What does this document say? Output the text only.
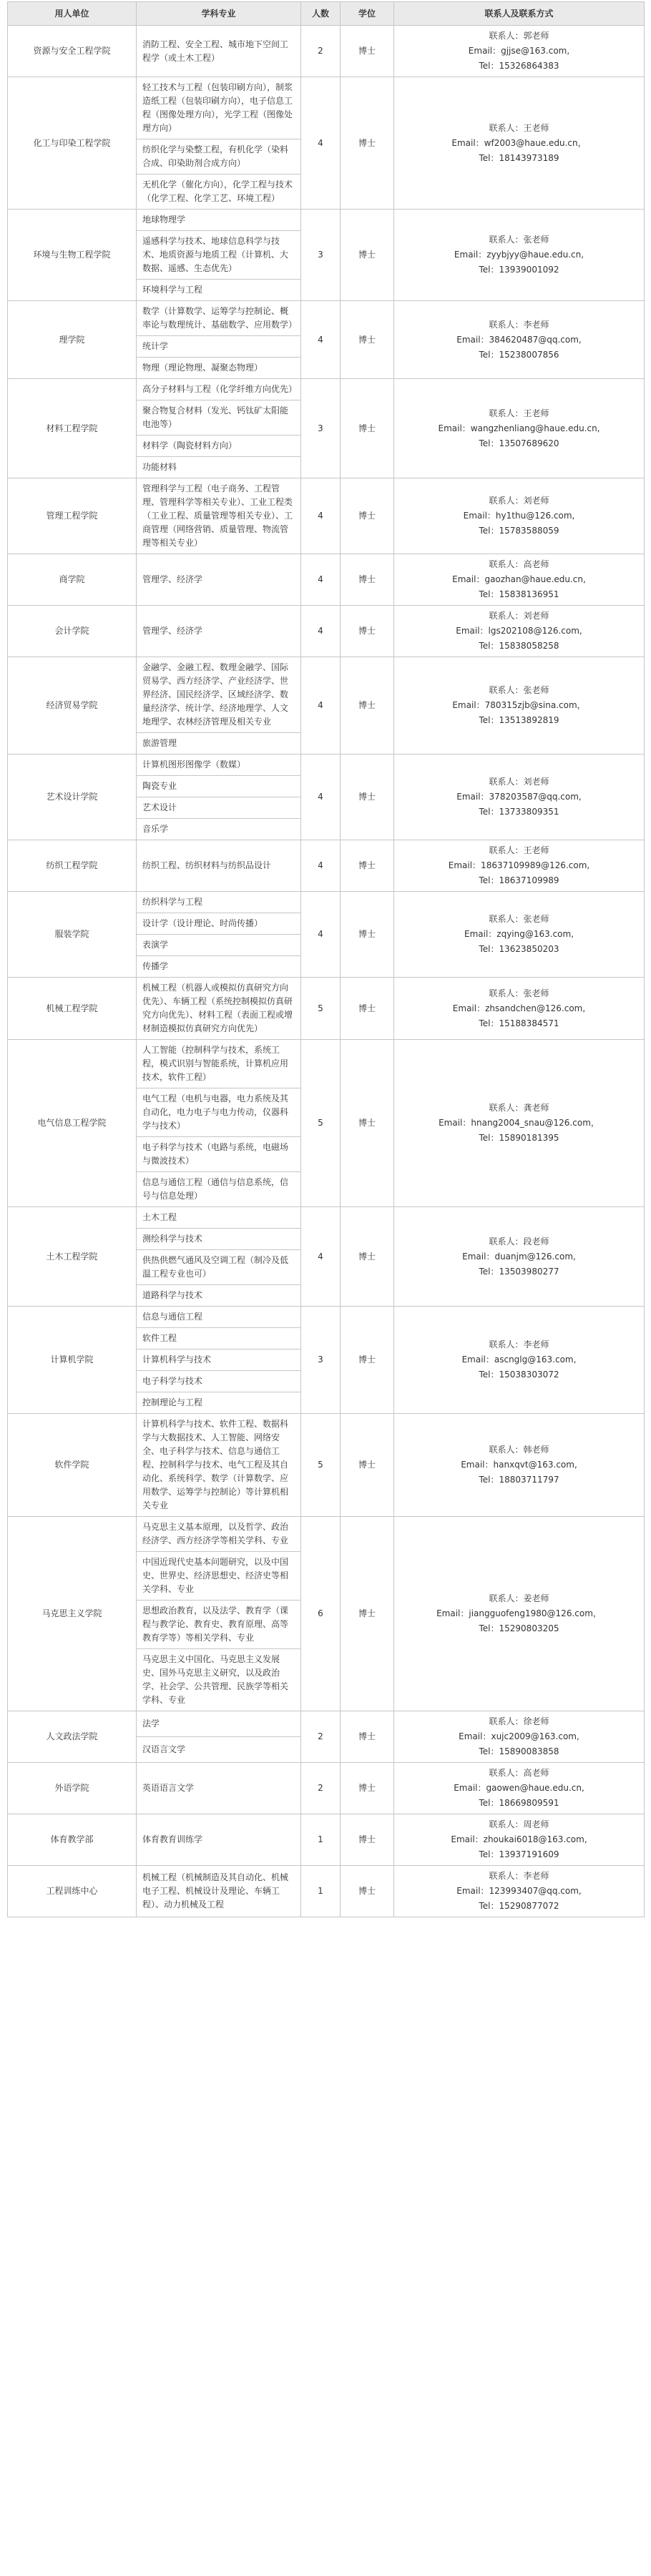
用人单位	学科专业	人数	学位	联系人及联系方式
资源与安全工程学院	消防工程、安全工程、城市地下空间工程学（或土木工程）	2	博士	联系人：郭老师
Email：gjjse@163.com,
Tel：15326864383

化工与印染工程学院	轻工技术与工程（包装印刷方向），制浆造纸工程（包装印刷方向），电子信息工程（图像处理方向），光学工程（图像处理方向）	4	博士	联系人：王老师
Email：wf2003@haue.edu.cn，
Tel：18143973189

	纺织化学与染整工程，有机化学（染料合成、印染助剂合成方向）			
	无机化学（催化方向），化学工程与技术（化学工程、化学工艺、环境工程）			
环境与生物工程学院	地球物理学	3	博士	联系人：张老师
Email：zyybjyy@haue.edu.cn,
Tel：13939001092

	遥感科学与技术、地球信息科学与技术、地质资源与地质工程（计算机、大数据、遥感、生态优先）			
	环境科学与工程			
理学院	数学（计算数学、运筹学与控制论、概率论与数理统计、基础数学、应用数学）	4	博士	联系人：李老师
Email：384620487@qq.com,
Tel：15238007856

	统计学			
	物理（理论物理、凝聚态物理）			
材料工程学院	高分子材料与工程（化学纤维方向优先）	3	博士	联系人：王老师
Email：wangzhenliang@haue.edu.cn,
Tel：13507689620

	聚合物复合材料（发光、钙钛矿太阳能电池等）			
	材料学（陶瓷材料方向）			
	功能材料			
管理工程学院	管理科学与工程（电子商务、工程管理、管理科学等相关专业）、工业工程类（工业工程、质量管理等相关专业）、工商管理（网络营销、质量管理、物流管理等相关专业）	4	博士	联系人：刘老师
Email：hy1thu@126.com,
Tel：15783588059

商学院	管理学、经济学	4	博士	联系人：高老师
Email：gaozhan@haue.edu.cn,
Tel：15838136951

会计学院	管理学、经济学	4	博士	联系人：刘老师
Email：lgs202108@126.com,
Tel：15838058258

经济贸易学院	金融学、金融工程、数理金融学、国际贸易学、西方经济学、产业经济学、世界经济、国民经济学、区域经济学、数量经济学、统计学、经济地理学、人文地理学、农林经济管理及相关专业	4	博士	联系人：张老师
Email：780315zjb@sina.com，
Tel：13513892819

	旅游管理			
艺术设计学院	计算机图形图像学（数媒）	4	博士	联系人：刘老师
Email：378203587@qq.com,
Tel：13733809351

	陶瓷专业			
	艺术设计			
	音乐学			
纺织工程学院	纺织工程、纺织材料与纺织品设计	4	博士	联系人：王老师
Email：18637109989@126.com,
Tel：18637109989

服装学院	纺织科学与工程	4	博士	联系人：张老师
Email：zqying@163.com,
Tel：13623850203

	设计学（设计理论、时尚传播）			
	表演学			
	传播学			
机械工程学院	机械工程（机器人或模拟仿真研究方向优先）、车辆工程（系统控制模拟仿真研究方向优先）、材料工程（表面工程或增材制造模拟仿真研究方向优先）	5	博士	联系人：张老师
Email：zhsandchen@126.com,
Tel：15188384571

电气信息工程学院	人工智能（控制科学与技术，系统工程，模式识别与智能系统，计算机应用技术，软件工程）	5	博士	联系人：龚老师
Email：hnang2004_snau@126.com，
Tel：15890181395

	电气工程（电机与电器，电力系统及其自动化，电力电子与电力传动，仪器科学与技术）			
	电子科学与技术（电路与系统，电磁场与微波技术）			
	信息与通信工程（通信与信息系统，信号与信息处理）			
土木工程学院	土木工程	4	博士	联系人：段老师
Email：duanjm@126.com,
Tel：13503980277

	测绘科学与技术			
	供热供燃气通风及空调工程（制冷及低温工程专业也可）			
	道路科学与技术			
计算机学院	信息与通信工程	3	博士	联系人：李老师
Email：ascnglg@163.com,
Tel：15038303072

	软件工程			
	计算机科学与技术			
	电子科学与技术			
	控制理论与工程			
软件学院	计算机科学与技术、软件工程、数据科学与大数据技术、人工智能、网络安全、电子科学与技术、信息与通信工程、控制科学与技术、电气工程及其自动化、系统科学、数学（计算数学、应用数学、运筹学与控制论）等计算机相关专业	5	博士	联系人：韩老师
Email：hanxqvt@163.com,
Tel：18803711797

马克思主义学院	马克思主义基本原理，以及哲学、政治经济学、西方经济学等相关学科、专业	6	博士	联系人：姜老师
Email：jiangguofeng1980@126.com，
Tel：15290803205

	中国近现代史基本问题研究，以及中国史、世界史、经济思想史、经济史等相关学科、专业			
	思想政治教育，以及法学、教育学（课程与教学论、教育史、教育原理、高等教育学等）等相关学科、专业			
	马克思主义中国化、马克思主义发展史、国外马克思主义研究，以及政治学、社会学、公共管理、民族学等相关学科、专业			
人文政法学院	法学	2	博士	联系人：徐老师
Email：xujc2009@163.com,
Tel：15890083858

	汉语言文学			
外语学院	英语语言文学	2	博士	联系人：高老师
Email：gaowen@haue.edu.cn,
Tel：18669809591

体育教学部	体育教育训练学	1	博士	联系人：周老师
Email：zhoukai6018@163.com,
Tel：13937191609

工程训练中心	机械工程（机械制造及其自动化、机械电子工程、机械设计及理论、车辆工程）、动力机械及工程	1	博士	联系人：李老师
Email：123993407@qq.com,
Tel：15290877072
